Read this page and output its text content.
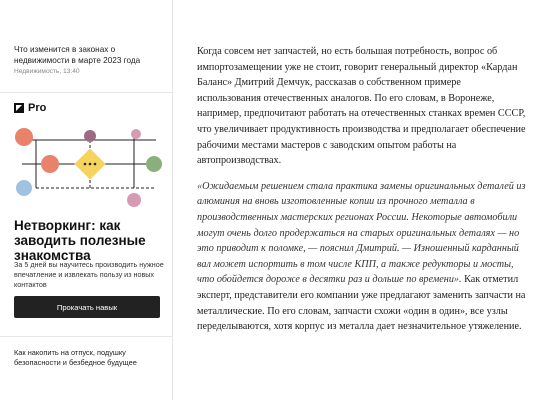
Что изменится в законах о недвижимости в марте 2023 года
Недвижимость, 13:40
Pro
Нетворкинг: как заводить полезные знакомства
За 5 дней вы научитесь производить нужное впечатление и извлекать пользу из новых контактов
Прокачать навык
Как накопить на отпуск, подушку безопасности и безбедное будущее

Когда совсем нет запчастей, но есть большая потребность, вопрос об импортозамещении уже не стоит, говорит генеральный директор «Кардан Баланс» Дмитрий Демчук, рассказав о собственном примере использования отечественных аналогов. По его словам, в Воронеже, например, предпочитают работать на отечественных станках времен СССР, что увеличивает продуктивность производства и предполагает обеспечение рабочими местами мастеров с заводским опытом работы на автопроизводствах.

«Ожидаемым решением стала практика замены оригинальных деталей из алюминия на вновь изготовленные копии из прочного металла в производственных мастерских регионах России. Некоторые автомобили могут очень долго продержаться на старых оригинальных деталях — но это приводит к поломке, — пояснил Дмитрий. — Изношенный карданный вал может испортить в том числе КПП, а также редукторы и мосты, что обойдется дороже в десятки раз и дольше по времени». Как отметил эксперт, представители его компании уже предлагают заменить запчасти на металлические. По его словам, запчасти схожи «один в один», все узлы переделываются, хотя корпус из металла дает незначительное утяжеление.
